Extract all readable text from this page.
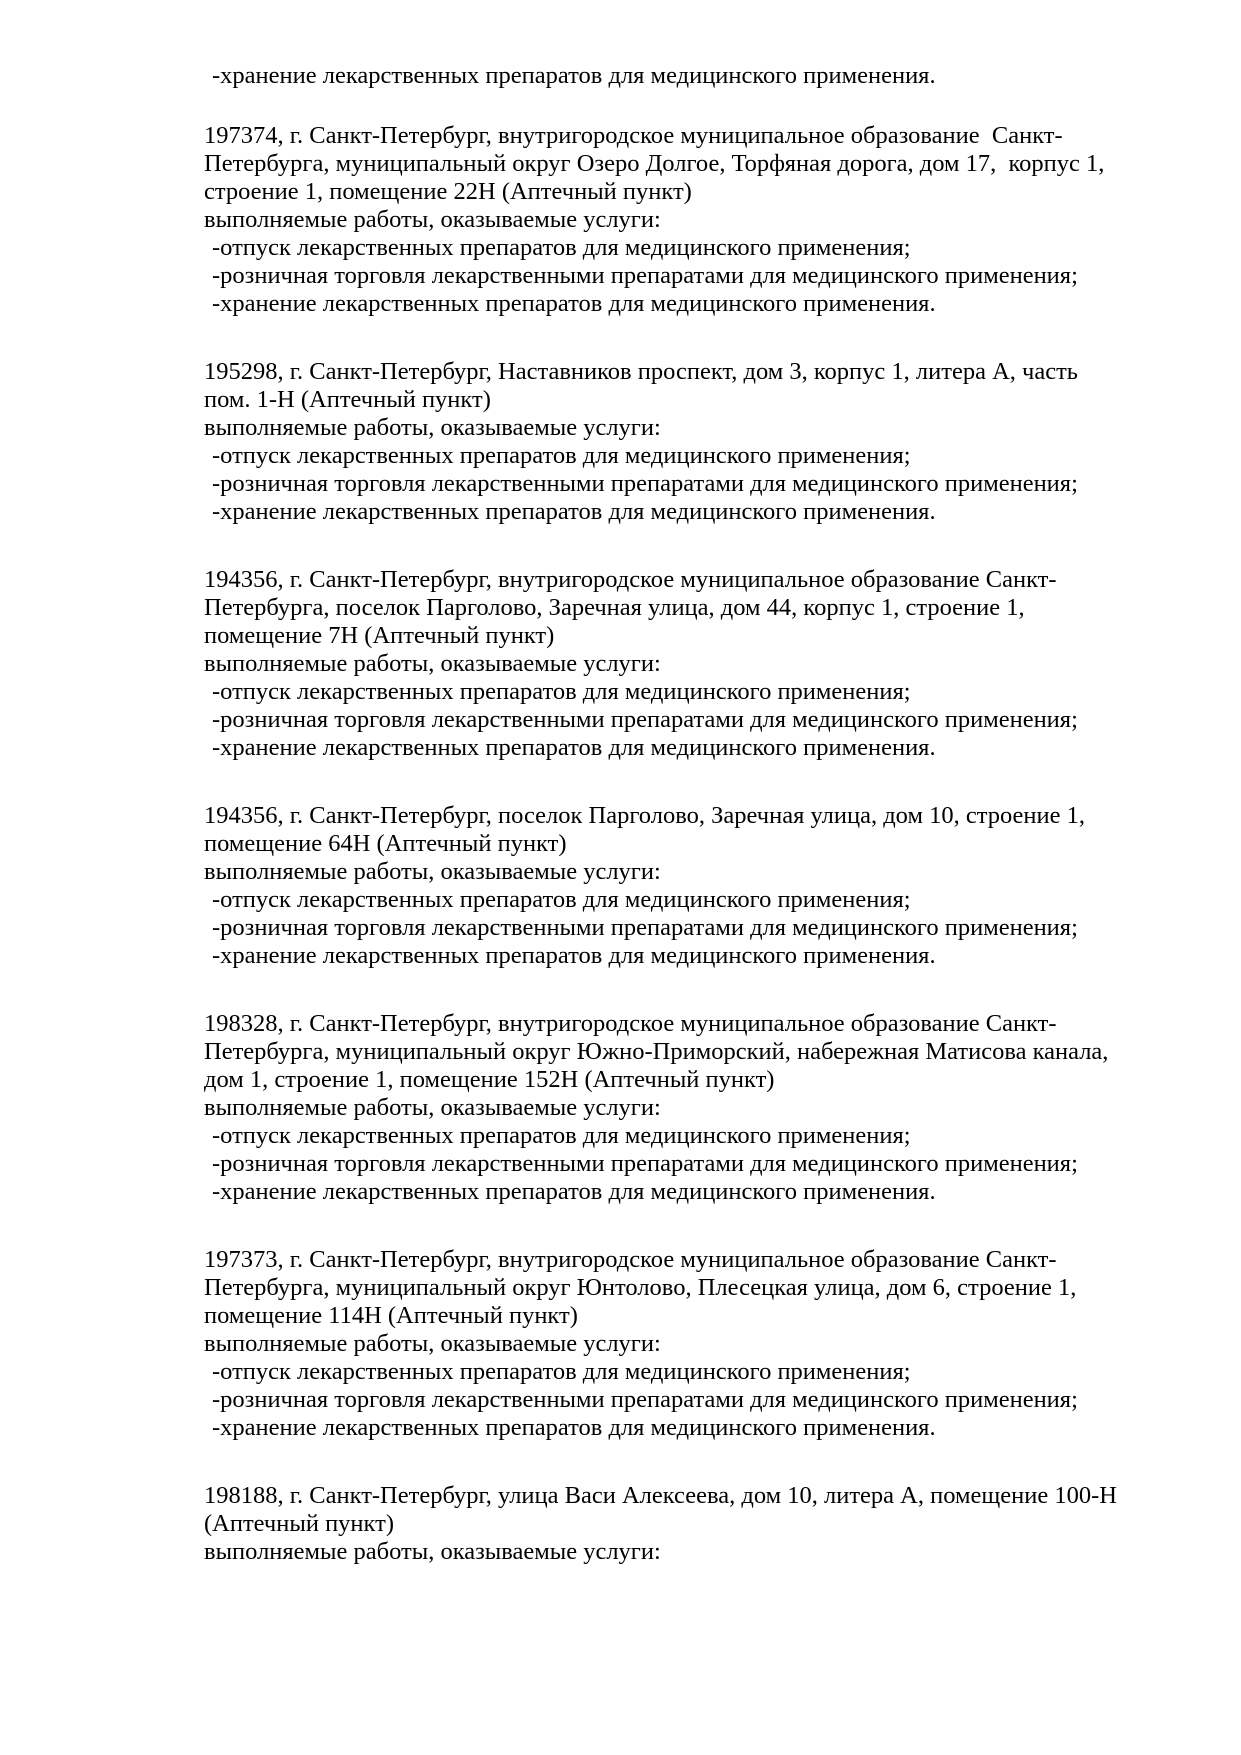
-хранение лекарственных препаратов для медицинского применения.
197374, г. Санкт-Петербург, внутригородское муниципальное образование  Санкт-
Петербурга, муниципальный округ Озеро Долгое, Торфяная дорога, дом 17,  корпус 1,
строение 1, помещение 22Н (Аптечный пункт)
выполняемые работы, оказываемые услуги:
-отпуск лекарственных препаратов для медицинского применения;
-розничная торговля лекарственными препаратами для медицинского применения;
-хранение лекарственных препаратов для медицинского применения.
195298, г. Санкт-Петербург, Наставников проспект, дом 3, корпус 1, литера А, часть
пом. 1-Н (Аптечный пункт)
выполняемые работы, оказываемые услуги:
-отпуск лекарственных препаратов для медицинского применения;
-розничная торговля лекарственными препаратами для медицинского применения;
-хранение лекарственных препаратов для медицинского применения.
194356, г. Санкт-Петербург, внутригородское муниципальное образование Санкт-
Петербурга, поселок Парголово, Заречная улица, дом 44, корпус 1, строение 1,
помещение 7Н (Аптечный пункт)
выполняемые работы, оказываемые услуги:
-отпуск лекарственных препаратов для медицинского применения;
-розничная торговля лекарственными препаратами для медицинского применения;
-хранение лекарственных препаратов для медицинского применения.
194356, г. Санкт-Петербург, поселок Парголово, Заречная улица, дом 10, строение 1,
помещение 64Н (Аптечный пункт)
выполняемые работы, оказываемые услуги:
-отпуск лекарственных препаратов для медицинского применения;
-розничная торговля лекарственными препаратами для медицинского применения;
-хранение лекарственных препаратов для медицинского применения.
198328, г. Санкт-Петербург, внутригородское муниципальное образование Санкт-
Петербурга, муниципальный округ Южно-Приморский, набережная Матисова канала,
дом 1, строение 1, помещение 152Н (Аптечный пункт)
выполняемые работы, оказываемые услуги:
-отпуск лекарственных препаратов для медицинского применения;
-розничная торговля лекарственными препаратами для медицинского применения;
-хранение лекарственных препаратов для медицинского применения.
197373, г. Санкт-Петербург, внутригородское муниципальное образование Санкт-
Петербурга, муниципальный округ Юнтолово, Плесецкая улица, дом 6, строение 1,
помещение 114Н (Аптечный пункт)
выполняемые работы, оказываемые услуги:
-отпуск лекарственных препаратов для медицинского применения;
-розничная торговля лекарственными препаратами для медицинского применения;
-хранение лекарственных препаратов для медицинского применения.
198188, г. Санкт-Петербург, улица Васи Алексеева, дом 10, литера А, помещение 100-Н
(Аптечный пункт)
выполняемые работы, оказываемые услуги:
